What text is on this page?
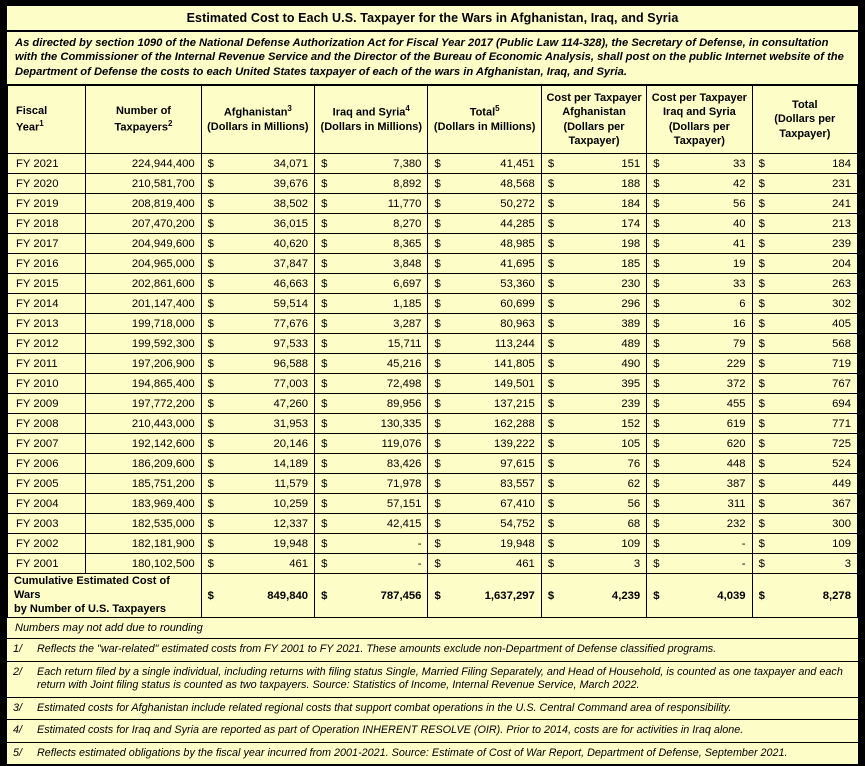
Estimated Cost to Each U.S. Taxpayer for the Wars in Afghanistan, Iraq, and Syria
As directed by section 1090 of the National Defense Authorization Act for Fiscal Year 2017 (Public Law 114-328), the Secretary of Defense, in consultation with the Commissioner of the Internal Revenue Service and the Director of the Bureau of Economic Analysis, shall post on the public Internet website of the Department of Defense the costs to each United States taxpayer of each of the wars in Afghanistan, Iraq, and Syria.
Fiscal
Year$^1$

Number of
Taxpayers$^2$

Afghanistan$^3$
(Dollars in Millions)

Iraq and Syria$^4$
(Dollars in Millions)

Total$^5$
(Dollars in Millions)

Cost per Taxpayer
Afghanistan
(Dollars per Taxpayer)

Cost per Taxpayer
Iraq and Syria
(Dollars per Taxpayer)

Total
(Dollars per Taxpayer)

FY 2021	224,944,400	$ 34,071	$ 7,380	$ 41,451	$ 151	$ 33	$ 184

FY 2020	210,581,700	$ 39,676	$ 8,892	$ 48,568	$ 188	$ 42	$ 231

FY 2019	208,819,400	$ 38,502	$ 11,770	$ 50,272	$ 184	$ 56	$ 241

FY 2018	207,470,200	$ 36,015	$ 8,270	$ 44,285	$ 174	$ 40	$ 213

FY 2017	204,949,600	$ 40,620	$ 8,365	$ 48,985	$ 198	$ 41	$ 239

FY 2016	204,965,000	$ 37,847	$ 3,848	$ 41,695	$ 185	$ 19	$ 204

FY 2015	202,861,600	$ 46,663	$ 6,697	$ 53,360	$ 230	$ 33	$ 263

FY 2014	201,147,400	$ 59,514	$ 1,185	$ 60,699	$ 296	$ 6	$ 302

FY 2013	199,718,000	$ 77,676	$ 3,287	$ 80,963	$ 389	$ 16	$ 405

FY 2012	199,592,300	$ 97,533	$ 15,711	$ 113,244	$ 489	$ 79	$ 568

FY 2011	197,206,900	$ 96,588	$ 45,216	$ 141,805	$ 490	$ 229	$ 719

FY 2010	194,865,400	$ 77,003	$ 72,498	$ 149,501	$ 395	$ 372	$ 767

FY 2009	197,772,200	$ 47,260	$ 89,956	$ 137,215	$ 239	$ 455	$ 694

FY 2008	210,443,000	$ 31,953	$ 130,335	$ 162,288	$ 152	$ 619	$ 771

FY 2007	192,142,600	$ 20,146	$ 119,076	$ 139,222	$ 105	$ 620	$ 725

FY 2006	186,209,600	$ 14,189	$ 83,426	$ 97,615	$ 76	$ 448	$ 524

FY 2005	185,751,200	$ 11,579	$ 71,978	$ 83,557	$ 62	$ 387	$ 449

FY 2004	183,969,400	$ 10,259	$ 57,151	$ 67,410	$ 56	$ 311	$ 367

FY 2003	182,535,000	$ 12,337	$ 42,415	$ 54,752	$ 68	$ 232	$ 300

FY 2002	182,181,900	$ 19,948	$ -	$ 19,948	$ 109	$ -	$ 109

FY 2001	180,102,500	$ 461	$ -	$ 461	$ 3	$ -	$ 3

Cumulative Estimated Cost of Wars
by Number of U.S. Taxpayers

$	849,840	$	787,456	$	1,637,297	$	4,239	$	4,039	$	8,278
Numbers may not add due to rounding
1/	Reflects the "war-related" estimated costs from FY 2001 to FY 2021. These amounts exclude non-Department of Defense classified programs.
2/	Each return filed by a single individual, including returns with filing status Single, Married Filing Separately, and Head of Household, is counted as one taxpayer and each return with Joint filing status is counted as two taxpayers. Source: Statistics of Income, Internal Revenue Service, March 2022.
3/	Estimated costs for Afghanistan include related regional costs that support combat operations in the U.S. Central Command area of responsibility.
4/	Estimated costs for Iraq and Syria are reported as part of Operation INHERENT RESOLVE (OIR). Prior to 2014, costs are for activities in Iraq alone.
5/	Reflects estimated obligations by the fiscal year incurred from 2001-2021. Source: Estimate of Cost of War Report, Department of Defense, September 2021.
